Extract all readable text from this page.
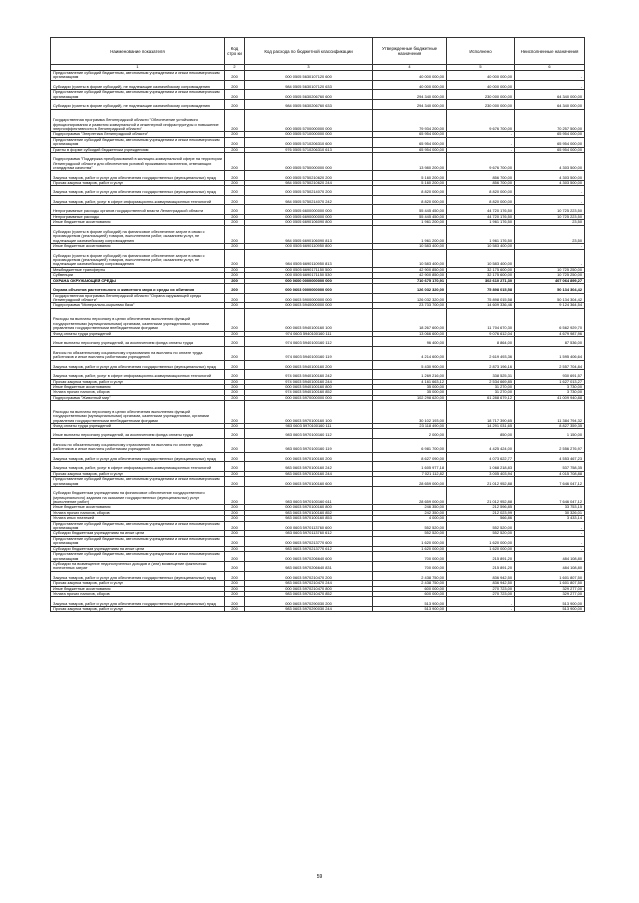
Наименование показателя	Код стро ки	Код расхода по бюджетной классификации	Утвержденные бюджетные назначения	Исполнено	Неисполненные назначения
1	2	3	4	5	6
Предоставление субсидий бюджетным, автономным учреждениям и иным некоммерческим организациям	200	000 0505 5630107120 600	40 000 000,00	40 000 000,00	-
Субсидии (гранты в форме субсидий), не подлежащие казначейскому сопровождению	200	984 0505 5630107120 633	40 000 000,00	40 000 000,00	-
Предоставление субсидий бюджетным, автономным учреждениям и иным некоммерческим организациям	200	000 0505 5630206760 600	294 340 000,00	230 000 000,00	64 340 000,00
Субсидии (гранты в форме субсидий), не подлежащие казначейскому сопровождению	200	984 0505 5630206760 633	294 340 000,00	230 000 000,00	64 340 000,00
Государственная программа Ленинградской области "Обеспечение устойчивого функционирования и развития коммунальной и инженерной инфраструктуры и повышение энергоэффективности в Ленинградской области"	200	000 0505 5700000000 000	79 934 200,00	9 676 700,00	70 257 500,00
Подпрограмма "Энергетика Ленинградской области"	200	000 0505 5710000000 000	65 954 000,00	-	65 954 000,00
Предоставление субсидий бюджетным, автономным учреждениям и иным некоммерческим организациям	200	000 0505 5710206310 600	65 954 000,00	-	65 954 000,00
Гранты в форме субсидий бюджетным учреждениям	200	976 0505 5710206310 613	65 954 000,00	-	65 954 000,00
Подпрограмма "Поддержка преобразований в жилищно-коммунальной сфере на территории Ленинградской области для обеспечения условий проживания населения, отвечающих стандартам качества"	200	000 0505 5750000000 000	13 980 200,00	9 676 700,00	4 303 500,00
Закупка товаров, работ и услуг для обеспечения государственных (муниципальных) нужд	200	000 0505 5750210620 200	5 160 200,00	856 700,00	4 303 500,00
Прочая закупка товаров, работ и услуг	200	984 0505 5750210620 244	5 160 200,00	856 700,00	4 303 500,00
Закупка товаров, работ и услуг для обеспечения государственных (муниципальных) нужд	200	000 0505 5750214070 200	8 820 000,00	8 820 000,00	-
Закупка товаров, работ, услуг в сфере информационно-коммуникационных технологий	200	984 0505 5750214070 242	8 820 000,00	8 820 000,00	-
Непрограммные расходы органов государственной власти Ленинградской области	200	000 0505 6600000000 000	55 445 450,00	44 720 176,50	10 725 223,50
Непрограммные расходы	200	000 0505 6690000000 000	55 445 450,00	44 720 176,50	10 725 223,50
Иные бюджетные ассигнования	200	000 0505 6690106090 800	1 961 200,00	1 961 176,50	23,50
Субсидии (гранты в форме субсидий) на финансовое обеспечение затрат в связи с производством (реализацией) товаров, выполнением работ, оказанием услуг, не подлежащие казначейскому сопровождению	200	984 0505 6690106090 813	1 961 200,00	1 961 176,50	23,50
Иные бюджетные ассигнования	200	000 0505 6690110950 800	10 583 400,00	10 583 400,00	-
Субсидии (гранты в форме субсидий) на финансовое обеспечение затрат в связи с производством (реализацией) товаров, выполнением работ, оказанием услуг, не подлежащие казначейскому сопровождению	200	984 0505 6690110950 813	10 583 400,00	10 583 400,00	-
Межбюджетные трансферты	200	000 0505 6690171150 500	42 900 850,00	32 175 600,00	10 725 250,00
Субвенции	200	000 0505 6690171150 530	42 900 850,00	32 175 600,00	10 725 250,00
ОХРАНА ОКРУЖАЮЩЕЙ СРЕДЫ	200	000 0600 0000000000 000	710 675 170,91	302 610 271,30	407 064 899,27
Охрана объектов растительного и животного мира и среды их обитания	200	000 0603 0000000000 000	126 032 320,00	75 898 015,58	50 134 304,42
Государственная программа Ленинградской области "Охрана окружающей среды Ленинградской области"	200	000 0603 5900000000 000	126 032 320,00	75 898 015,58	50 134 304,42
Подпрограмма "Минерально-сырьевая база"	200	000 0603 5940000000 000	23 733 700,00	14 609 336,46	9 124 364,54
Расходы на выплаты персоналу в целях обеспечения выполнения функций государственными (муниципальными) органами, казенными учреждениями, органами управления государственными внебюджетными фондами	200	000 0603 5940100160 100	18 267 600,00	11 704 670,30	6 562 929,70
Фонд оплаты труда учреждений	200	974 0603 5940100160 111	13 066 600,00	9 076 612,04	4 679 987,96
Иные выплаты персоналу учреждений, за исключением фонда оплаты труда	200	974 0603 5940100160 112	96 400,00	8 864,00	87 536,00
Взносы по обязательному социальному страхованию на выплаты по оплате труда работников и иные выплаты работникам учреждений	200	974 0603 5940100160 119	4 214 600,00	2 619 493,36	1 595 406,64
Закупка товаров, работ и услуг для обеспечения государственных (муниципальных) нужд	200	000 0603 5940100160 200	5 430 900,00	2 873 196,16	2 557 704,84
Закупка товаров, работ, услуг в сфере информационно-коммуникационных технологий	200	974 0603 5940100160 242	1 269 216,00	338 525,31	930 691,57
Прочая закупка товаров, работ и услуг	200	974 0603 5940100160 244	4 161 663,12	2 534 669,85	1 627 013,27
Иные бюджетные ассигнования	200	000 0603 5940100160 800	35 000,00	31 270,00	3 730,00
Уплата прочих налогов, сборов	200	974 0603 5940100160 852	35 000,00	31 270,00	3 730,00
Подпрограмма "Животный мир"	200	000 0603 5970000000 000	102 298 620,00	61 288 679,12	41 009 940,88
Расходы на выплаты персоналу в целях обеспечения выполнения функций государственными (муниципальными) органами, казенными учреждениями, органами управления государственными внебюджетными фондами	200	000 0603 5970100160 100	30 102 193,00	18 717 390,65	11 384 794,32
Фонд оплаты труда учреждений	200	983 0603 5970100160 111	23 118 490,00	14 291 031,65	8 827 359,35
Иные выплаты персоналу учреждений, за исключением фонда оплаты труда	200	983 0603 5970100160 112	2 000,00	850,00	1 150,00
Взносы по обязательному социальному страхованию на выплаты по оплате труда работников и иные выплаты работникам учреждений	200	983 0603 5970100160 119	6 981 700,00	4 425 424,00	2 556 276,97
Закупка товаров, работ и услуг для обеспечения государственных (муниципальных) нужд	200	000 0603 5970100160 200	8 627 090,00	4 073 622,77	4 553 467,23
Закупка товаров, работ, услуг в сфере информационно-коммуникационных технологий	200	983 0603 5970100160 242	1 605 977,18	1 068 218,83	537 758,35
Прочая закупка товаров, работ и услуг	200	983 0603 5970100160 244	7 021 112,82	3 005 403,94	4 015 708,88
Предоставление субсидий бюджетным, автономным учреждениям и иным некоммерческим организациям	200	000 0603 5970100160 600	28 659 000,00	21 012 952,88	7 646 047,12
Субсидии бюджетным учреждениям на финансовое обеспечение государственного (муниципального) задания на оказание государственных (муниципальных) услуг (выполнение работ)	200	983 0603 5970100160 611	28 659 000,00	21 012 952,88	7 646 047,12
Иные бюджетные ассигнования	200	000 0603 5970100160 800	246 350,00	212 596,85	33 753,15
Уплата прочих налогов, сборов	200	983 0603 5970100160 852	242 350,00	212 023,99	30 326,01
Уплата иных платежей	200	983 0603 5970100160 853	4 000,00	566,86	3 433,14
Предоставление субсидий бюджетным, автономным учреждениям и иным некоммерческим организациям	200	000 0603 5970113760 600	552 520,00	552 520,00	-
Субсидии бюджетным учреждениям на иные цели	200	983 0603 5970113760 612	552 520,00	552 520,00	-
Предоставление субсидий бюджетным, автономным учреждениям и иным некоммерческим организациям	200	000 0603 5970213770 600	1 620 000,00	1 620 000,00	-
Субсидии бюджетным учреждениям на иные цели	200	983 0603 5970213770 612	1 620 000,00	1 620 000,00	-
Предоставление субсидий бюджетным, автономным учреждениям и иным некоммерческим организациям	200	000 0603 5970206640 600	700 000,00	215 891,20	484 108,80
Субсидии на возмещение недополученных доходов и (или) возмещение фактически понесенных затрат	200	983 0603 5970206640 831	700 000,00	215 891,20	484 108,80
Закупка товаров, работ и услуг для обеспечения государственных (муниципальных) нужд	200	000 0603 5970210470 200	2 438 750,00	836 942,50	1 601 807,50
Прочая закупка товаров, работ и услуг	200	983 0603 5970210470 244	2 438 750,00	836 942,50	1 601 807,50
Иные бюджетные ассигнования	200	000 0603 5970210470 800	600 000,00	270 723,00	329 277,00
Уплата прочих налогов, сборов	200	983 0603 5970210470 852	600 000,00	270 723,00	329 277,00
Закупка товаров, работ и услуг для обеспечения государственных (муниципальных) нужд	200	000 0603 5970290030 200	513 900,00	-	513 900,00
Прочая закупка товаров, работ и услуг	200	983 0603 5970290030 244	513 900,00	-	513 900,00
59
